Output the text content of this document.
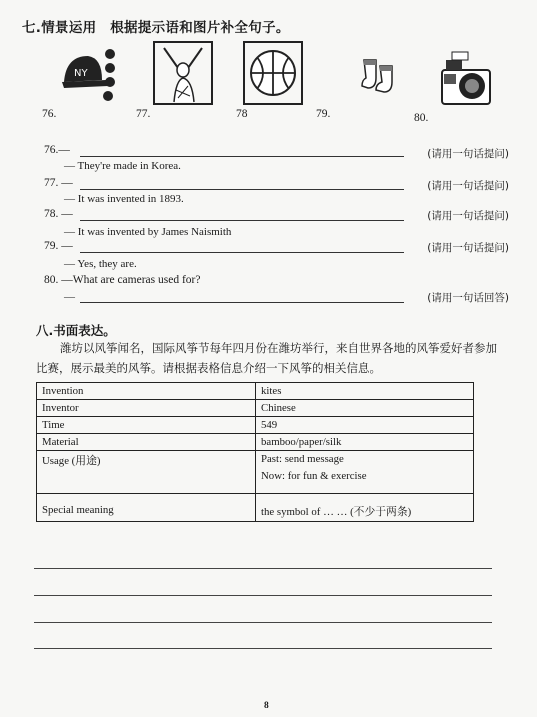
七.情景运用　根据提示语和图片补全句子。
NY
76.	77.	78	79.	80.
76.—	(请用一句话提问)
— They're made in Korea.
77. —	(请用一句话提问)
— It was invented in 1893.
78. —	(请用一句话提问)
— It was invented by James Naismith
79. —	(请用一句话提问)
— Yes, they are.
80. —What are cameras used for?
—	(请用一句话回答)
八.书面表达。
潍坊以风筝闻名，国际风筝节每年四月份在潍坊举行，来自世界各地的风筝爱好者参加比赛，展示最美的风筝。请根据表格信息介绍一下风筝的相关信息。
Invention	kites
Inventor	Chinese
Time	549
Material	bamboo/paper/silk
Usage (用途)	Past: send message
Now: for fun & exercise

Special meaning	the symbol of … … (不少于两条)
8
